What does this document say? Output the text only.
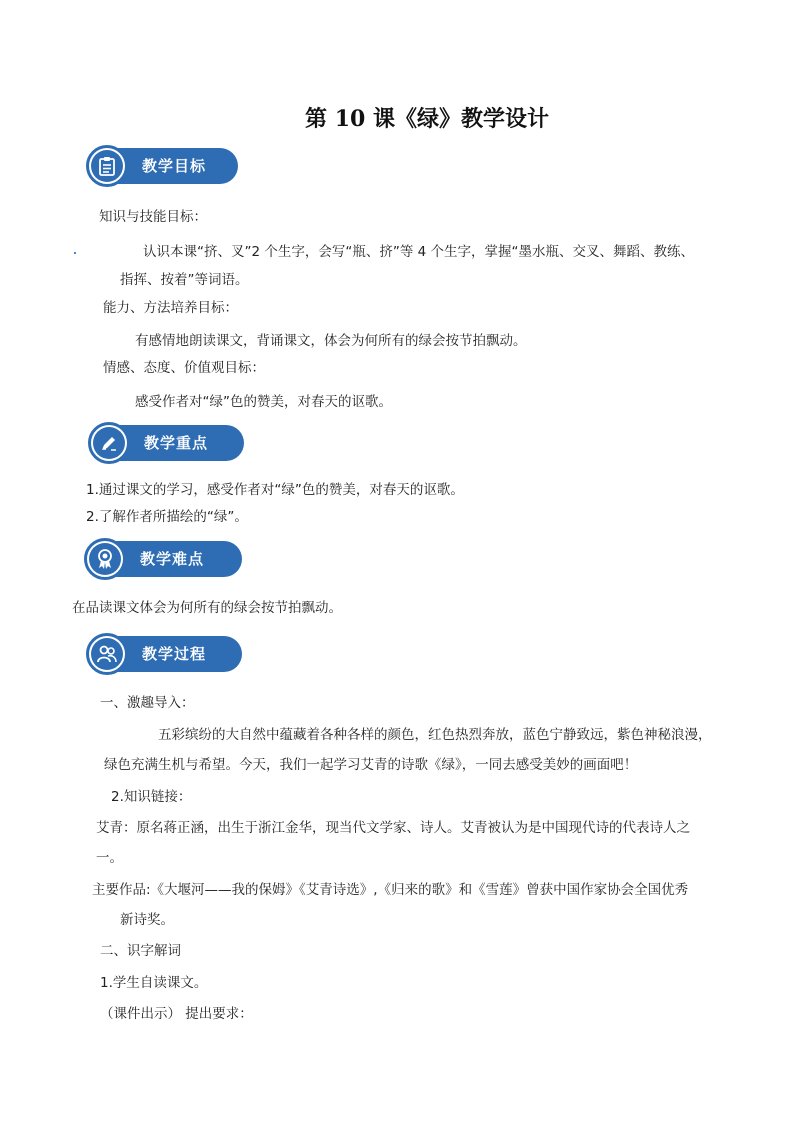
第 10 课《绿》教学设计
教学目标
知识与技能目标：
认识本课“挤、叉”2 个生字，会写“瓶、挤”等 4 个生字，掌握“墨水瓶、交叉、舞蹈、教练、
指挥、按着”等词语。
能力、方法培养目标：
有感情地朗读课文，背诵课文，体会为何所有的绿会按节拍飘动。
情感、态度、价值观目标：
感受作者对“绿”色的赞美，对春天的讴歌。
教学重点
1.通过课文的学习，感受作者对“绿”色的赞美，对春天的讴歌。
2.了解作者所描绘的“绿”。
教学难点
在品读课文体会为何所有的绿会按节拍飘动。
教学过程
一、激趣导入：
五彩缤纷的大自然中蕴藏着各种各样的颜色，红色热烈奔放，蓝色宁静致远，紫色神秘浪漫，
绿色充满生机与希望。今天，我们一起学习艾青的诗歌《绿》，一同去感受美妙的画面吧！
2.知识链接：
艾青：原名蒋正涵，出生于浙江金华，现当代文学家、诗人。艾青被认为是中国现代诗的代表诗人之
一。
主要作品:《大堰河——我的保姆》《艾青诗选》,《归来的歌》和《雪莲》曾获中国作家协会全国优秀
新诗奖。
二、识字解词
1.学生自读课文。
（课件出示） 提出要求：
